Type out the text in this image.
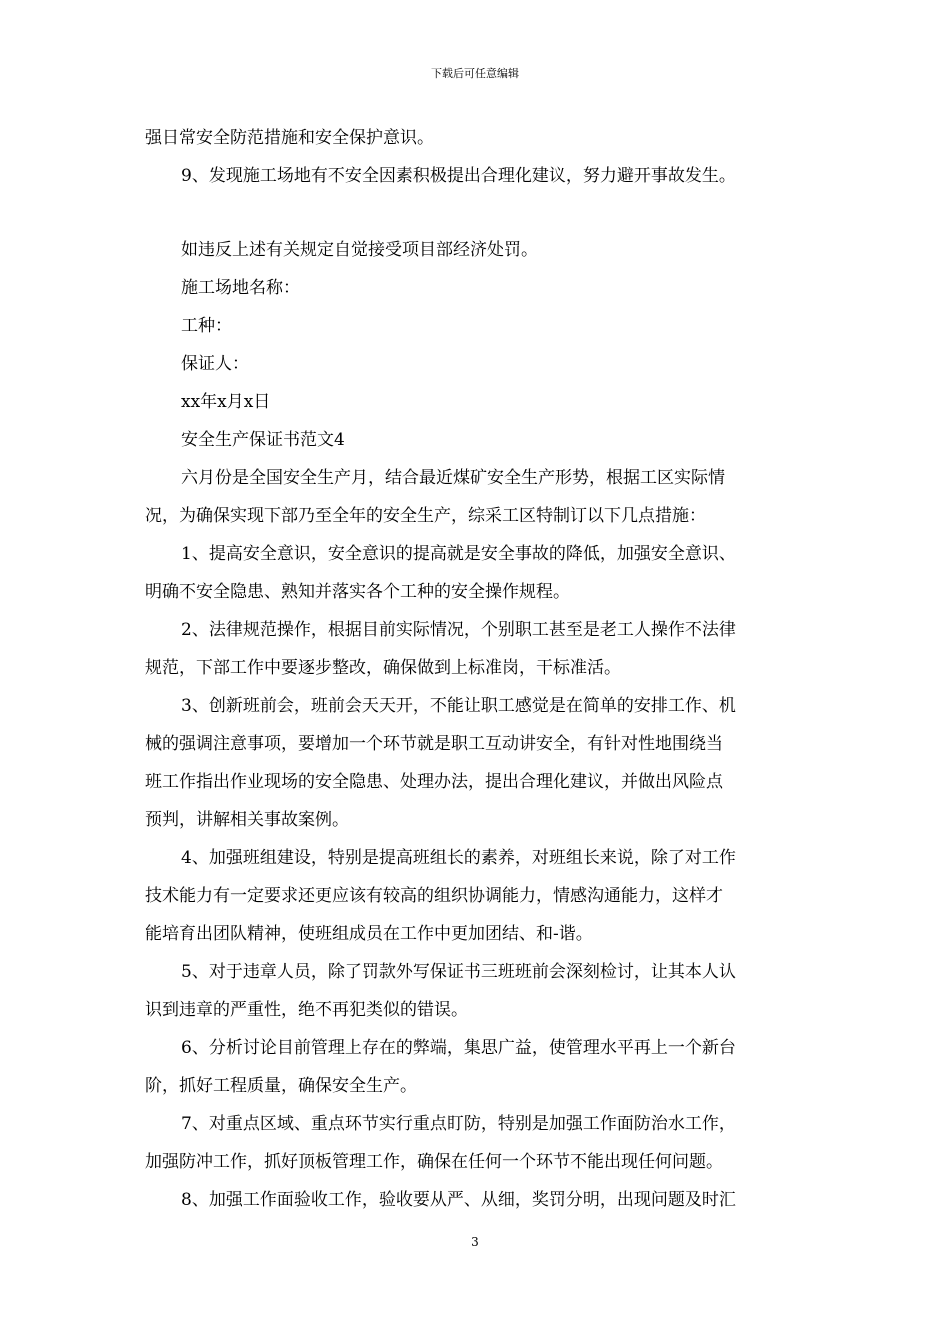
下载后可任意编辑
强日常安全防范措施和安全保护意识。
9、发现施工场地有不安全因素积极提出合理化建议，努力避开事故发生。
如违反上述有关规定自觉接受项目部经济处罚。
施工场地名称：
工种：
保证人：
xx年x月x日
安全生产保证书范文4
六月份是全国安全生产月，结合最近煤矿安全生产形势，根据工区实际情
况，为确保实现下部乃至全年的安全生产，综采工区特制订以下几点措施：
1、提高安全意识，安全意识的提高就是安全事故的降低，加强安全意识、
明确不安全隐患、熟知并落实各个工种的安全操作规程。
2、法律规范操作，根据目前实际情况，个别职工甚至是老工人操作不法律
规范，下部工作中要逐步整改，确保做到上标准岗，干标准活。
3、创新班前会，班前会天天开，不能让职工感觉是在简单的安排工作、机
械的强调注意事项，要增加一个环节就是职工互动讲安全，有针对性地围绕当
班工作指出作业现场的安全隐患、处理办法，提出合理化建议，并做出风险点
预判，讲解相关事故案例。
4、加强班组建设，特别是提高班组长的素养，对班组长来说，除了对工作
技术能力有一定要求还更应该有较高的组织协调能力，情感沟通能力，这样才
能培育出团队精神，使班组成员在工作中更加团结、和-谐。
5、对于违章人员，除了罚款外写保证书三班班前会深刻检讨，让其本人认
识到违章的严重性，绝不再犯类似的错误。
6、分析讨论目前管理上存在的弊端，集思广益，使管理水平再上一个新台
阶，抓好工程质量，确保安全生产。
7、对重点区域、重点环节实行重点盯防，特别是加强工作面防治水工作，
加强防冲工作，抓好顶板管理工作，确保在任何一个环节不能出现任何问题。
8、加强工作面验收工作，验收要从严、从细，奖罚分明，出现问题及时汇
3
